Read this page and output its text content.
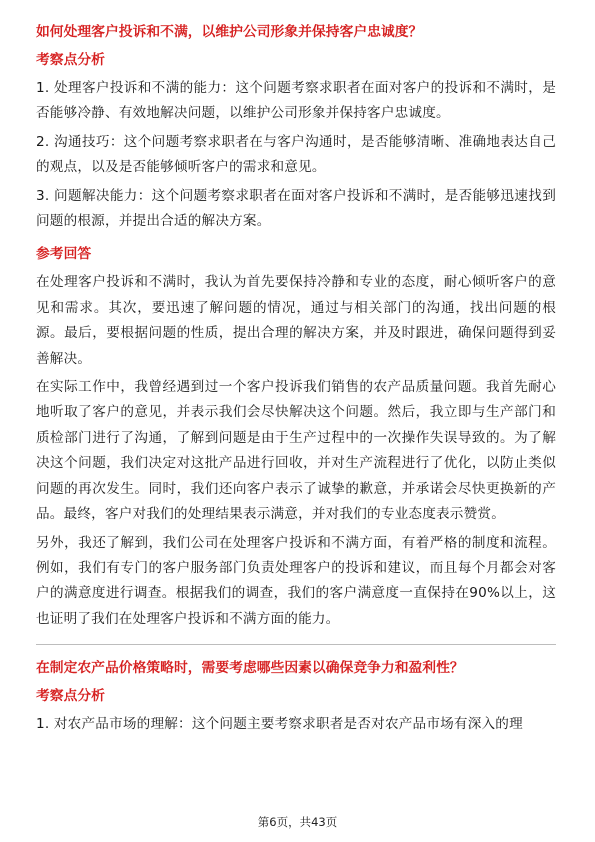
如何处理客户投诉和不满，以维护公司形象并保持客户忠诚度？
考察点分析

1. 处理客户投诉和不满的能力：这个问题考察求职者在面对客户的投诉和不满时，是否能够冷静、有效地解决问题，以维护公司形象并保持客户忠诚度。

2. 沟通技巧：这个问题考察求职者在与客户沟通时，是否能够清晰、准确地表达自己的观点，以及是否能够倾听客户的需求和意见。

3. 问题解决能力：这个问题考察求职者在面对客户投诉和不满时，是否能够迅速找到问题的根源，并提出合适的解决方案。

参考回答

在处理客户投诉和不满时，我认为首先要保持冷静和专业的态度，耐心倾听客户的意见和需求。其次，要迅速了解问题的情况，通过与相关部门的沟通，找出问题的根源。最后，要根据问题的性质，提出合理的解决方案，并及时跟进，确保问题得到妥善解决。

在实际工作中，我曾经遇到过一个客户投诉我们销售的农产品质量问题。我首先耐心地听取了客户的意见，并表示我们会尽快解决这个问题。然后，我立即与生产部门和质检部门进行了沟通，了解到问题是由于生产过程中的一次操作失误导致的。为了解决这个问题，我们决定对这批产品进行回收，并对生产流程进行了优化，以防止类似问题的再次发生。同时，我们还向客户表示了诚挚的歉意，并承诺会尽快更换新的产品。最终，客户对我们的处理结果表示满意，并对我们的专业态度表示赞赏。

另外，我还了解到，我们公司在处理客户投诉和不满方面，有着严格的制度和流程。例如，我们有专门的客户服务部门负责处理客户的投诉和建议，而且每个月都会对客户的满意度进行调查。根据我们的调查，我们的客户满意度一直保持在90%以上，这也证明了我们在处理客户投诉和不满方面的能力。

在制定农产品价格策略时，需要考虑哪些因素以确保竞争力和盈利性？
考察点分析

1. 对农产品市场的理解：这个问题主要考察求职者是否对农产品市场有深入的理

第6页，共43页
